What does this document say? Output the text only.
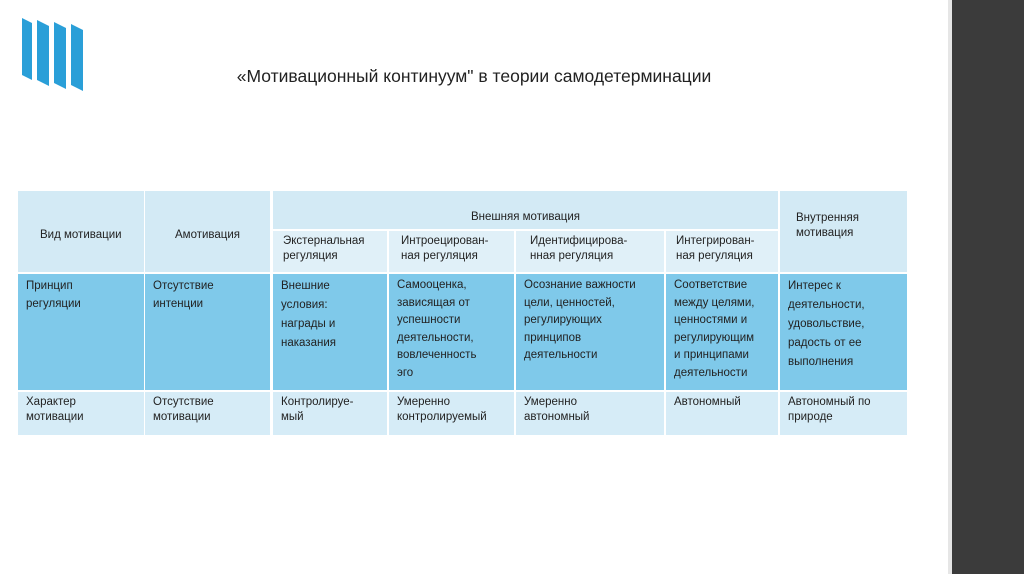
«Мотивационный континуум" в теории самодетерминации
Вид мотивации	Амотивация
Внешняя мотивация
Экстернальная
регуляция
Интроецирован-
ная регуляция
Идентифицирова-
нная регуляция
Интегрирован-
ная регуляция
Внутренняя
мотивация
Принцип
регуляции
Отсутствие
интенции
Внешние
условия:
награды и
наказания
Самооценка,
зависящая от
успешности
деятельности,
вовлеченность
эго
Осознание важности
цели, ценностей,
регулирующих
принципов
деятельности
Соответствие
между целями,
ценностями и
регулирующим
и принципами
деятельности
Интерес к
деятельности,
удовольствие,
радость от ее
выполнения
Характер
мотивации
Отсутствие
мотивации
Контролируе-
мый
Умеренно
контролируемый
Умеренно
автономный
Автономный	Автономный по
природе
